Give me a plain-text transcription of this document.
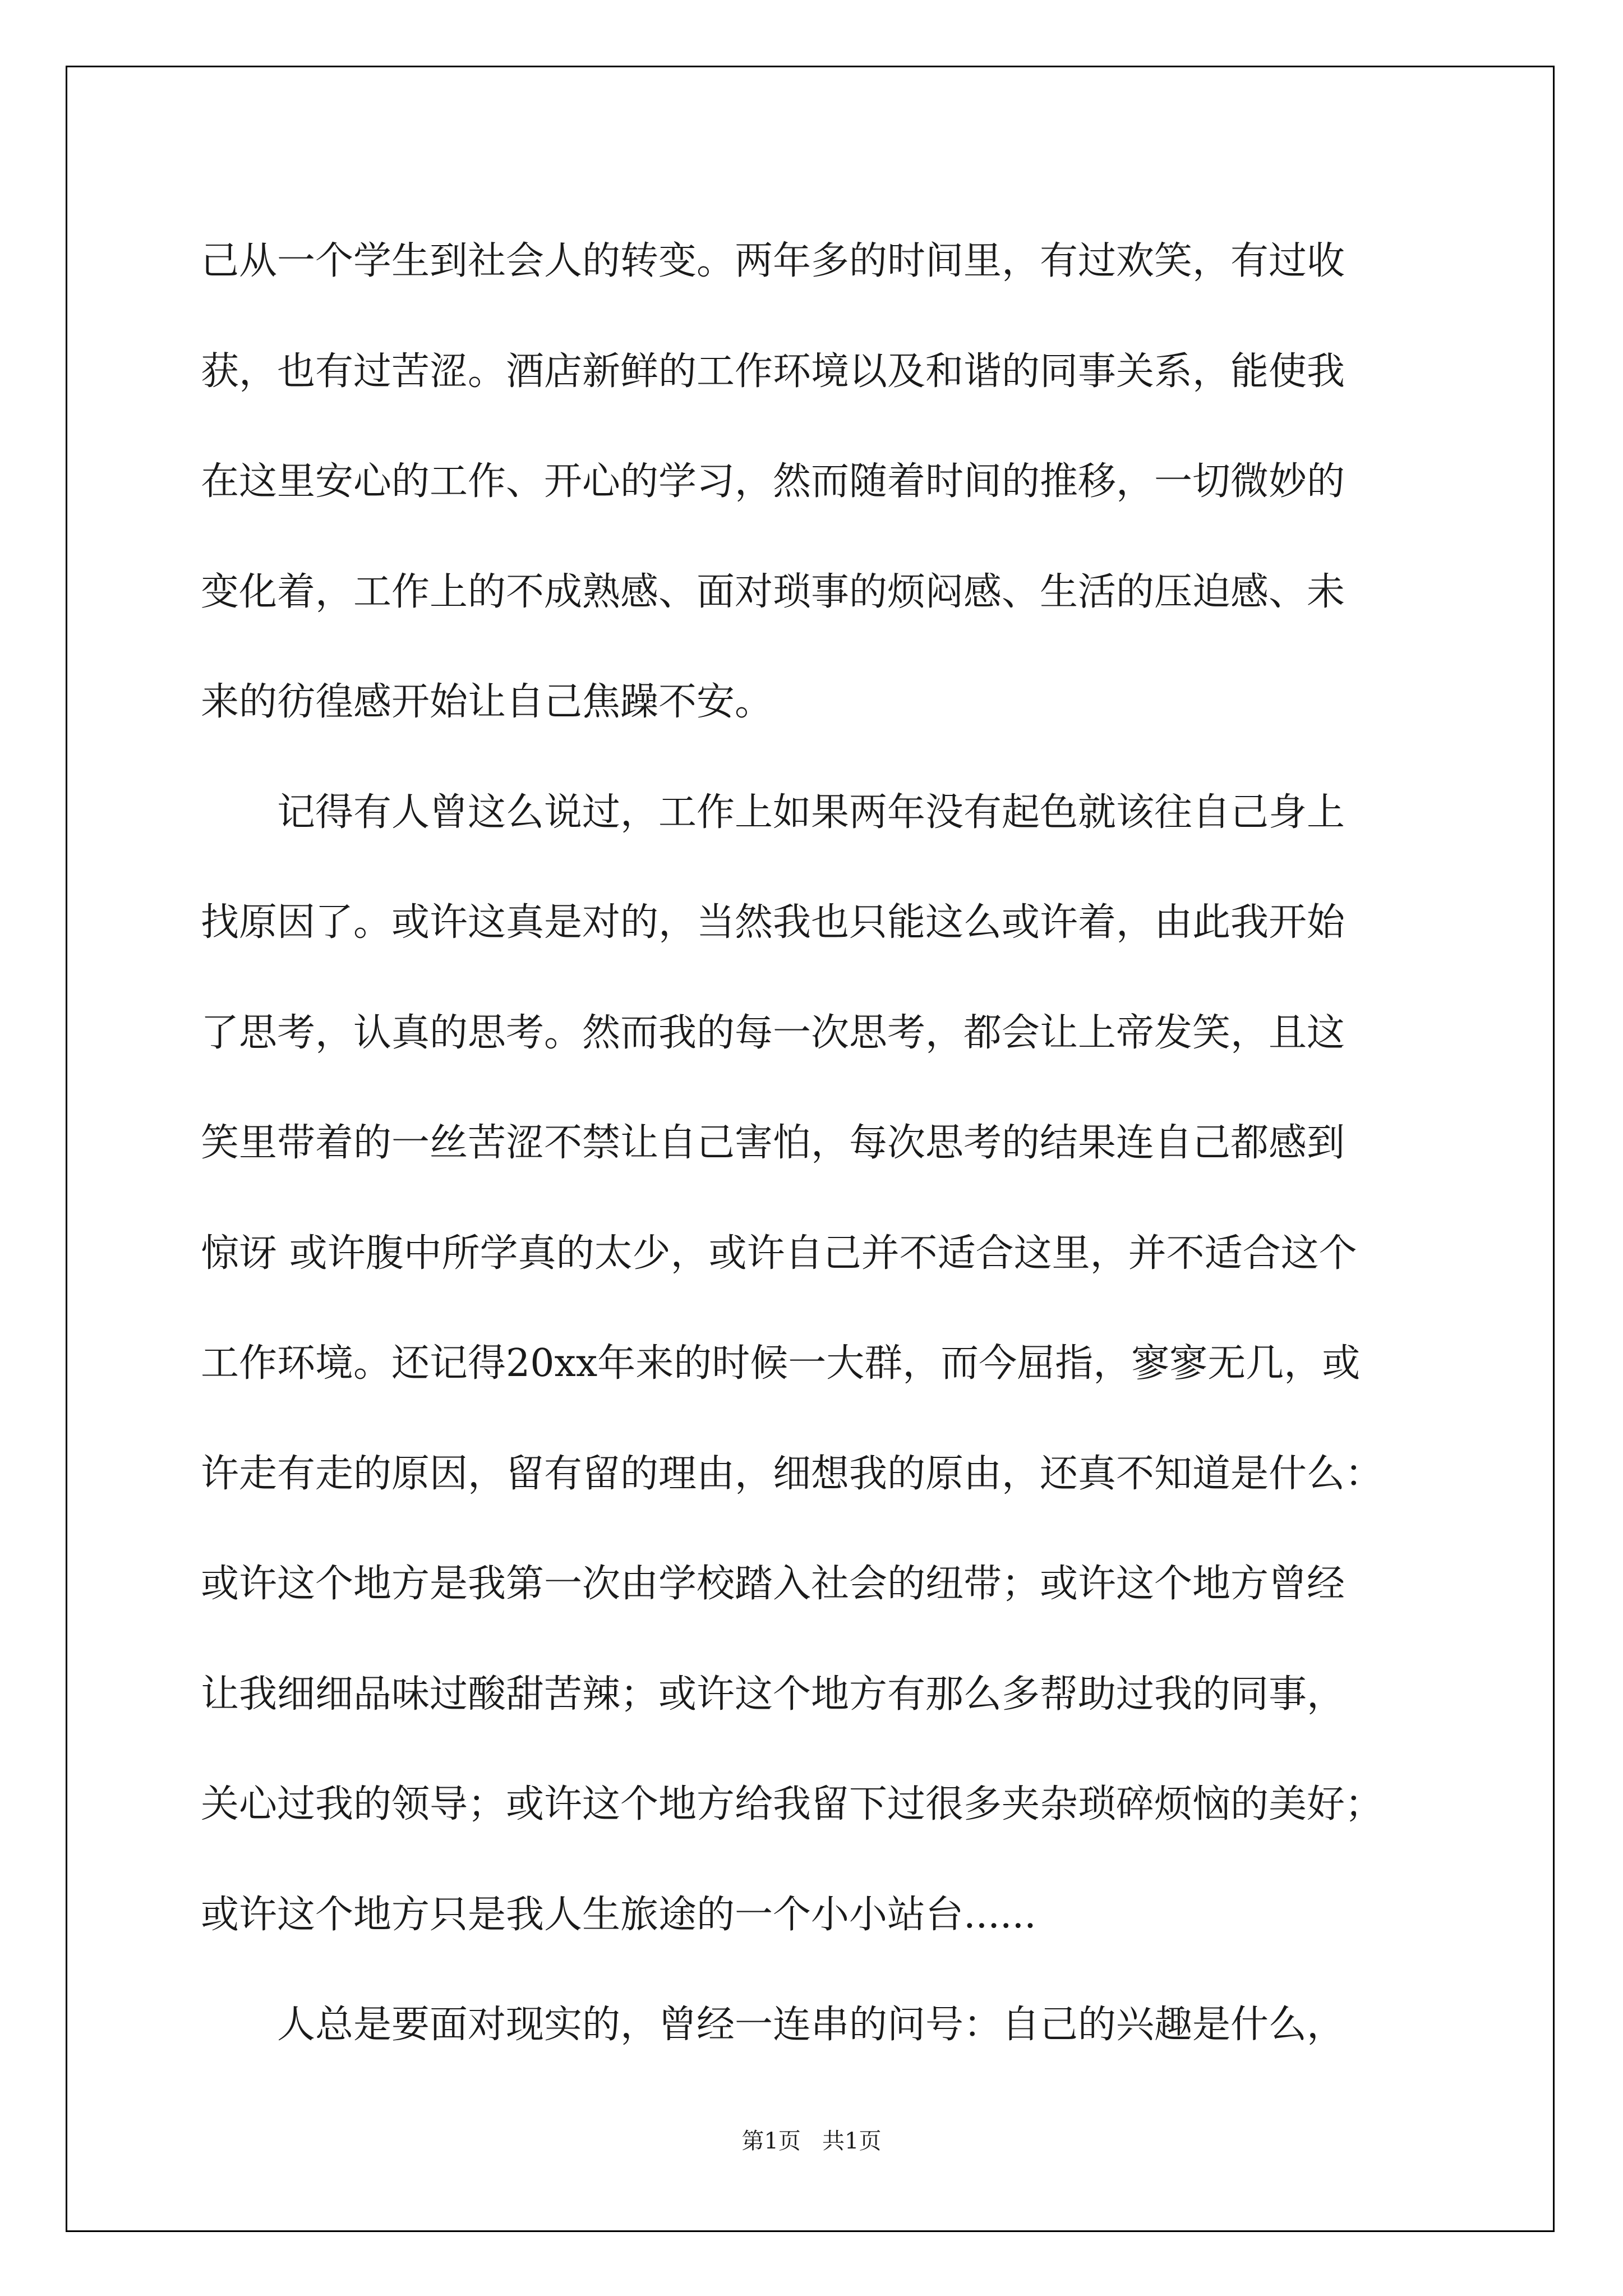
己从一个学生到社会人的转变。两年多的时间里，有过欢笑，有过收
获，也有过苦涩。酒店新鲜的工作环境以及和谐的同事关系，能使我
在这里安心的工作、开心的学习，然而随着时间的推移，一切微妙的
变化着，工作上的不成熟感、面对琐事的烦闷感、生活的压迫感、未
来的彷徨感开始让自己焦躁不安。
记得有人曾这么说过，工作上如果两年没有起色就该往自己身上
找原因了。或许这真是对的，当然我也只能这么或许着，由此我开始
了思考，认真的思考。然而我的每一次思考，都会让上帝发笑，且这
笑里带着的一丝苦涩不禁让自己害怕，每次思考的结果连自己都感到
惊讶 或许腹中所学真的太少，或许自己并不适合这里，并不适合这个
工作环境。还记得20xx年来的时候一大群，而今屈指，寥寥无几，或
许走有走的原因，留有留的理由，细想我的原由，还真不知道是什么：
或许这个地方是我第一次由学校踏入社会的纽带；或许这个地方曾经
让我细细品味过酸甜苦辣；或许这个地方有那么多帮助过我的同事，
关心过我的领导；或许这个地方给我留下过很多夹杂琐碎烦恼的美好；
或许这个地方只是我人生旅途的一个小小站台......
人总是要面对现实的，曾经一连串的问号：自己的兴趣是什么，
第1页   共1页
